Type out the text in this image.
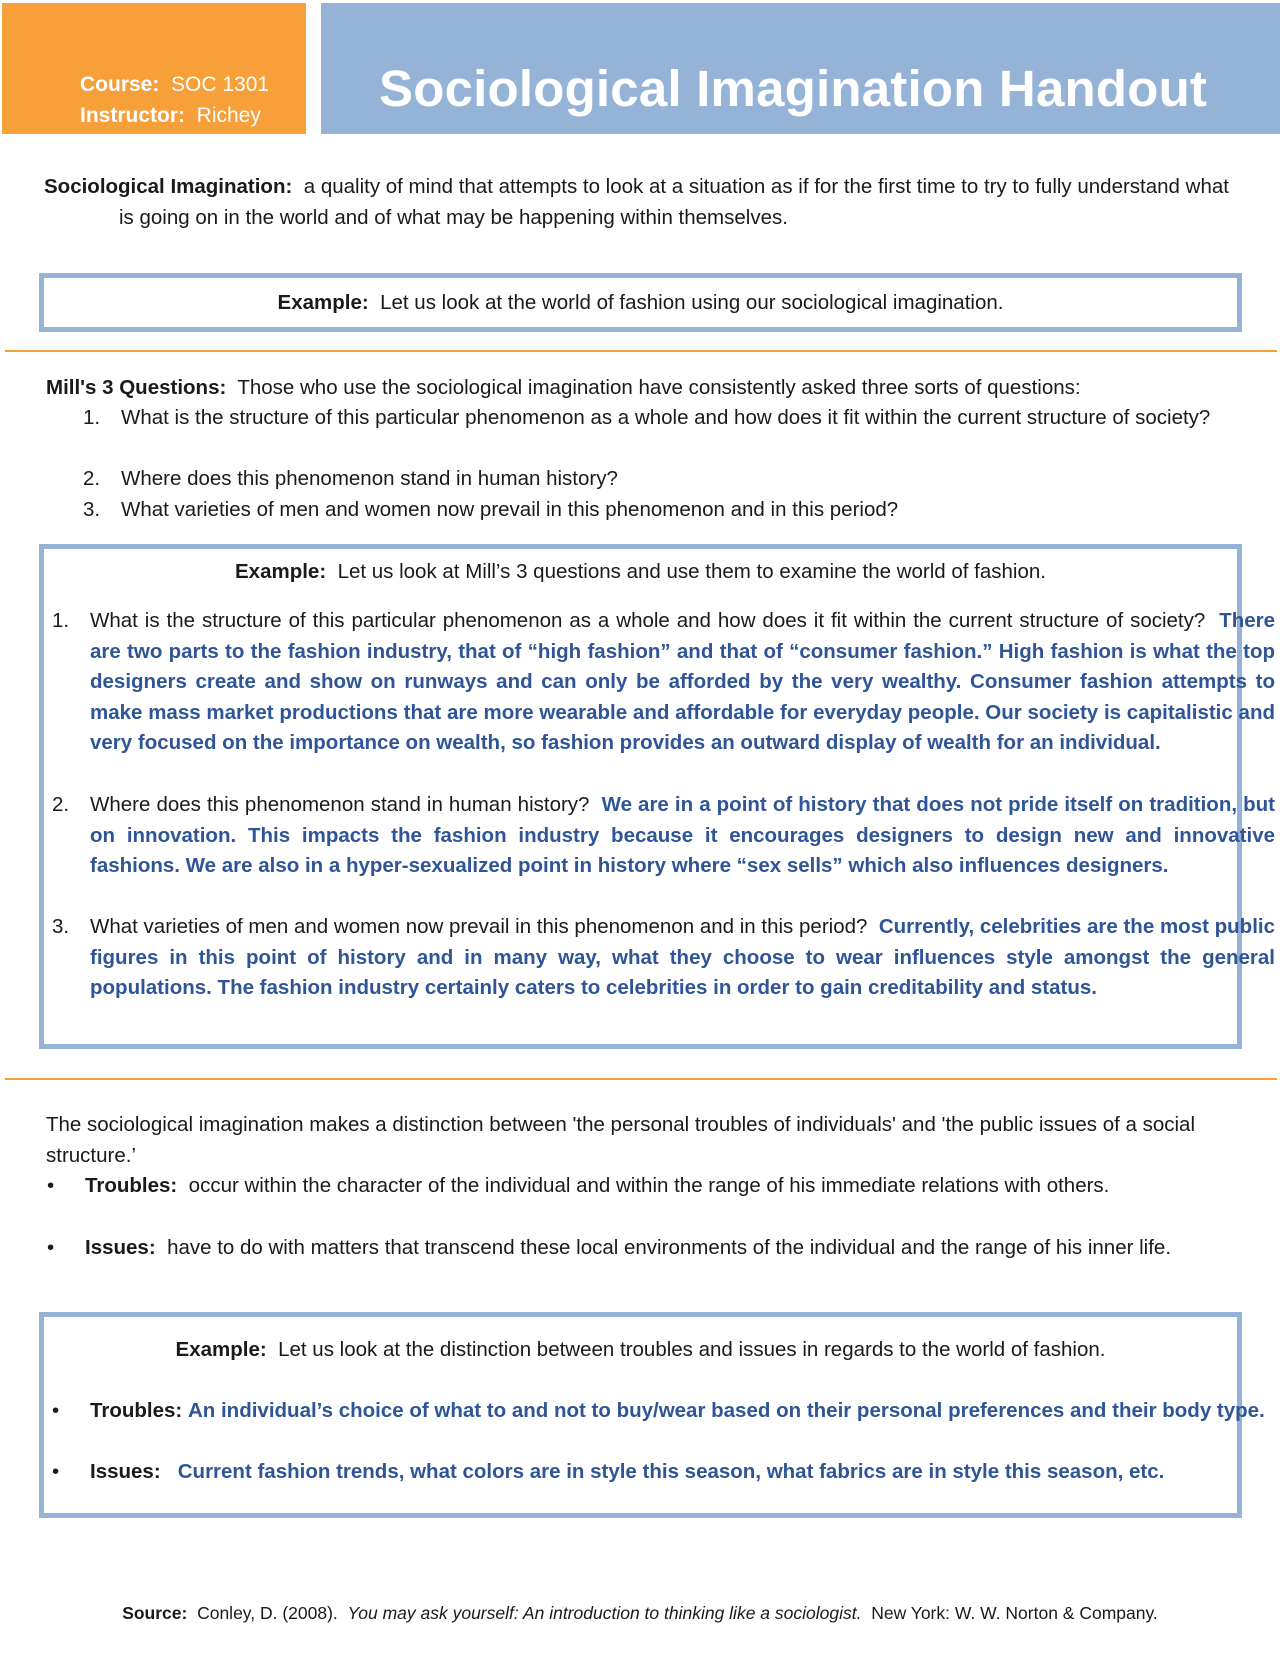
Course: SOC 1301
Instructor: Richey	Sociological Imagination Handout
Sociological Imagination: a quality of mind that attempts to look at a situation as if for the first time to try to fully understand what is going on in the world and of what may be happening within themselves.
Example: Let us look at the world of fashion using our sociological imagination.
Mill's 3 Questions: Those who use the sociological imagination have consistently asked three sorts of questions:
1. What is the structure of this particular phenomenon as a whole and how does it fit within the current structure of society?
2. Where does this phenomenon stand in human history?
3. What varieties of men and women now prevail in this phenomenon and in this period?
Example: Let us look at Mill’s 3 questions and use them to examine the world of fashion.
1. What is the structure of this particular phenomenon as a whole and how does it fit within the current structure of society? There are two parts to the fashion industry, that of “high fashion” and that of “consumer fashion.” High fashion is what the top designers create and show on runways and can only be afforded by the very wealthy. Consumer fashion attempts to make mass market productions that are more wearable and affordable for everyday people. Our society is capitalistic and very focused on the importance on wealth, so fashion provides an outward display of wealth for an individual.
2. Where does this phenomenon stand in human history? We are in a point of history that does not pride itself on tradition, but on innovation. This impacts the fashion industry because it encourages designers to design new and innovative fashions. We are also in a hyper-sexualized point in history where “sex sells” which also influences designers.
3. What varieties of men and women now prevail in this phenomenon and in this period? Currently, celebrities are the most public figures in this point of history and in many way, what they choose to wear influences style amongst the general populations. The fashion industry certainly caters to celebrities in order to gain creditability and status.
The sociological imagination makes a distinction between 'the personal troubles of individuals' and 'the public issues of a social structure.’
• Troubles: occur within the character of the individual and within the range of his immediate relations with others.
• Issues: have to do with matters that transcend these local environments of the individual and the range of his inner life.
Example: Let us look at the distinction between troubles and issues in regards to the world of fashion.
• Troubles: An individual’s choice of what to and not to buy/wear based on their personal preferences and their body type.
• Issues: Current fashion trends, what colors are in style this season, what fabrics are in style this season, etc.
Source: Conley, D. (2008). You may ask yourself: An introduction to thinking like a sociologist. New York: W. W. Norton & Company.
